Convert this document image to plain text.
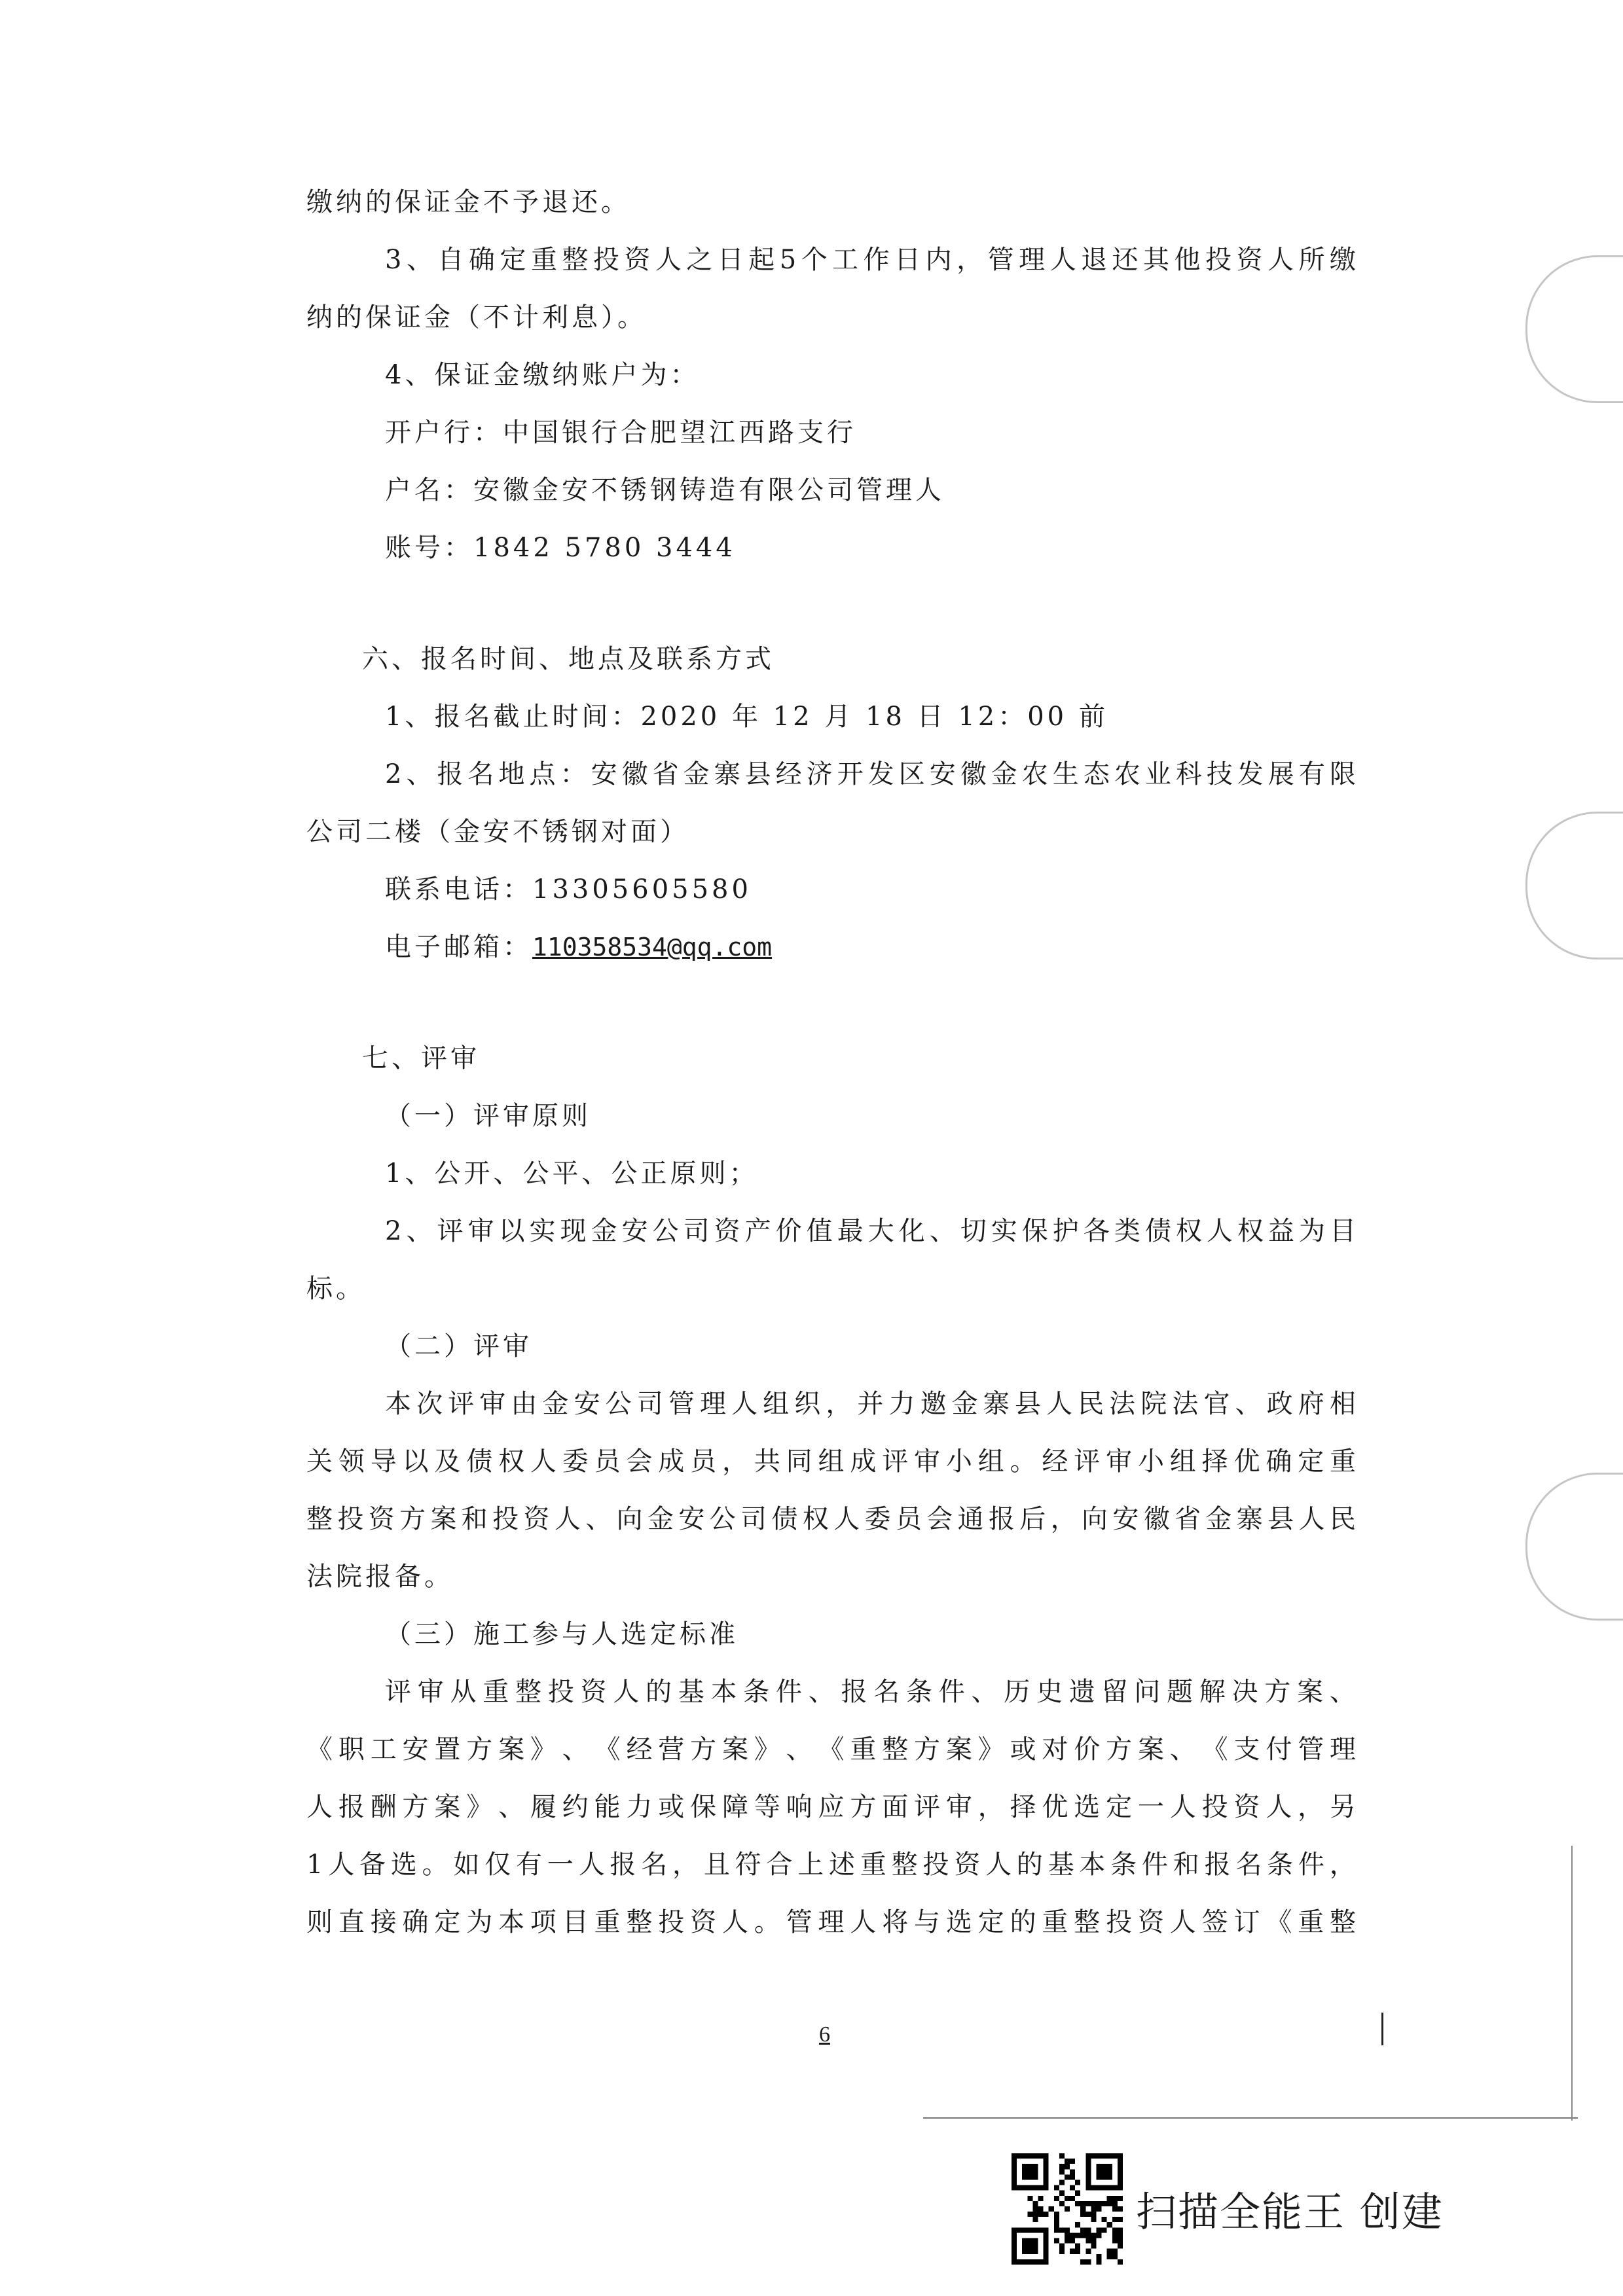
缴纳的保证金不予退还。
3 、 自 确 定 重 整 投 资 人 之 日 起 5 个 工 作 日 内 ， 管 理 人 退 还 其 他 投 资 人 所 缴
纳的保证金（不计利息）。
4、保证金缴纳账户为：
开户行：中国银行合肥望江西路支行
户名：安徽金安不锈钢铸造有限公司管理人
账号：1842 5780 3444
六、报名时间、地点及联系方式
1、报名截止时间：2020 年 12 月 18 日 12：00 前
2 、 报 名 地 点 ： 安 徽 省 金 寨 县 经 济 开 发 区 安 徽 金 农 生 态 农 业 科 技 发 展 有 限
公司二楼（金安不锈钢对面）
联系电话：13305605580
七、评审
（一）评审原则
1、公开、公平、公正原则；
2 、 评 审 以 实 现 金 安 公 司 资 产 价 值 最 大 化 、 切 实 保 护 各 类 债 权 人 权 益 为 目
标。
（二）评审
本 次 评 审 由 金 安 公 司 管 理 人 组 织 ， 并 力 邀 金 寨 县 人 民 法 院 法 官 、 政 府 相
关 领 导 以 及 债 权 人 委 员 会 成 员 ， 共 同 组 成 评 审 小 组 。 经 评 审 小 组 择 优 确 定 重
整 投 资 方 案 和 投 资 人 、 向 金 安 公 司 债 权 人 委 员 会 通 报 后 ， 向 安 徽 省 金 寨 县 人 民
法院报备。
（三）施工参与人选定标准
评 审 从 重 整 投 资 人 的 基 本 条 件 、 报 名 条 件 、 历 史 遗 留 问 题 解 决 方 案 、
《 职 工 安 置 方 案 》 、 《 经 营 方 案 》 、 《 重 整 方 案 》 或 对 价 方 案 、 《 支 付 管 理
人 报 酬 方 案 》 、 履 约 能 力 或 保 障 等 响 应 方 面 评 审 ， 择 优 选 定 一 人 投 资 人 ， 另
1 人 备 选 。 如 仅 有 一 人 报 名 ， 且 符 合 上 述 重 整 投 资 人 的 基 本 条 件 和 报 名 条 件 ，
则 直 接 确 定 为 本 项 目 重 整 投 资 人 。 管 理 人 将 与 选 定 的 重 整 投 资 人 签 订 《 重 整
电子邮箱：110358534@qq.com
6
扫描全能王 创建
